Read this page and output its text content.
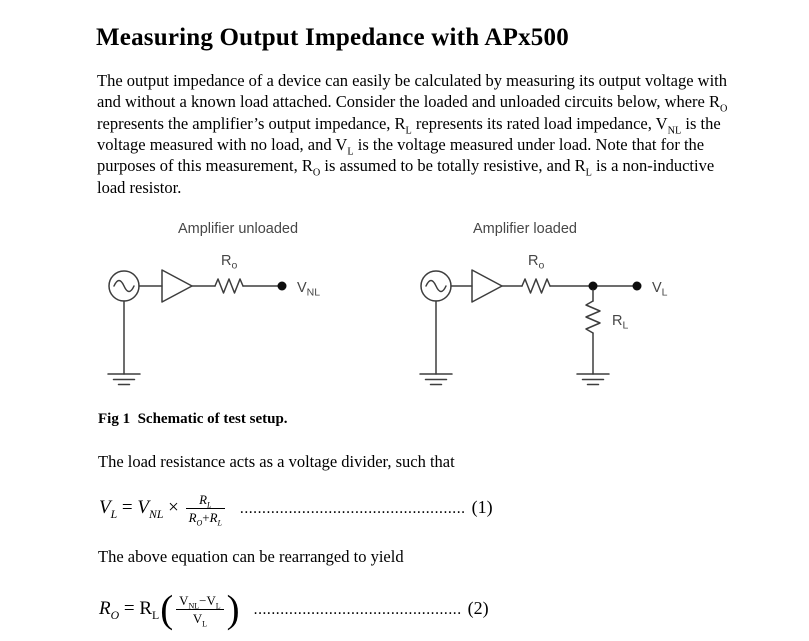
Measuring Output Impedance with APx500
The output impedance of a device can easily be calculated by measuring its output voltage with
and without a known load attached. Consider the loaded and unloaded circuits below, where $R_O$
represents the amplifier’s output impedance, $R_L$ represents its rated load impedance, $V_{NL}$ is the
voltage measured with no load, and $V_L$ is the voltage measured under load. Note that for the
purposes of this measurement, $R_O$ is assumed to be totally resistive, and $R_L$ is a non-inductive
load resistor.
Amplifier unloaded
$R_o$
$V_{NL}$
Amplifier loaded
$R_o$
$V_L$
$R_L$
Fig 1  Schematic of test setup.
The load resistance acts as a voltage divider, such that
$V_L = V_{NL} \times \frac{R_L}{R_O+R_L}$ ................................................... (1)
The above equation can be rearranged to yield
$R_O = R_L( \frac{V_{NL}-V_L}{V_L}$ ) ............................................... (2)
